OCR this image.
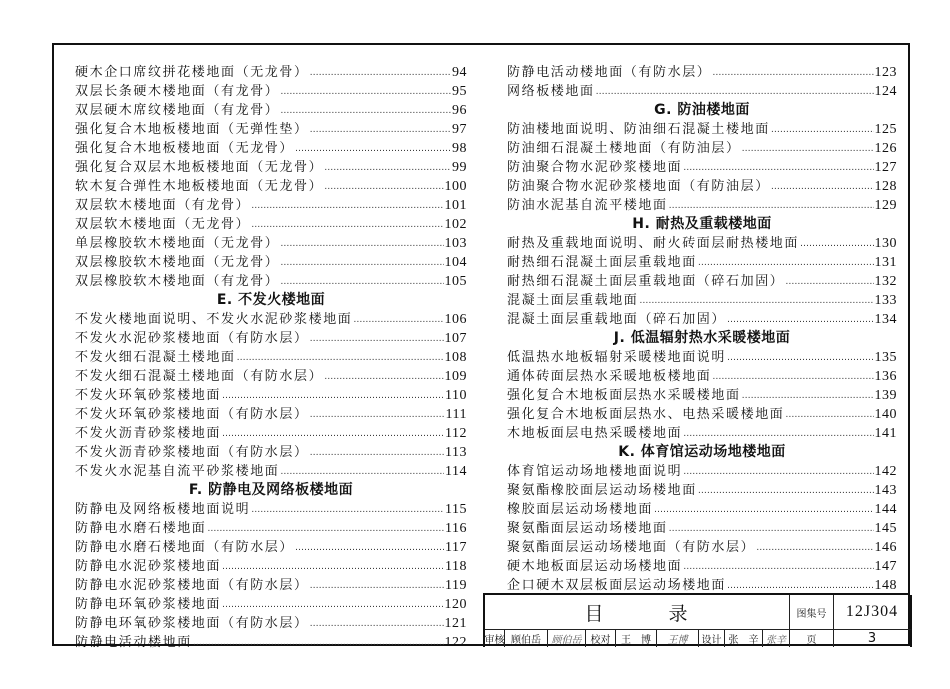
硬木企口席纹拼花楼地面（无龙骨） ……………………………………………………………………………………………………………………………………	94
双层长条硬木楼地面（有龙骨） ……………………………………………………………………………………………………………………………………	95
双层硬木席纹楼地面（有龙骨） ……………………………………………………………………………………………………………………………………	96
强化复合木地板楼地面（无弹性垫） ……………………………………………………………………………………………………………………………………	97
强化复合木地板楼地面（无龙骨） ……………………………………………………………………………………………………………………………………	98
强化复合双层木地板楼地面（无龙骨） ……………………………………………………………………………………………………………………………………	99
软木复合弹性木地板楼地面（无龙骨） ……………………………………………………………………………………………………………………………………	100
双层软木楼地面（有龙骨） ……………………………………………………………………………………………………………………………………	101
双层软木楼地面（无龙骨） ……………………………………………………………………………………………………………………………………	102
单层橡胶软木楼地面（无龙骨） ……………………………………………………………………………………………………………………………………	103
双层橡胶软木楼地面（无龙骨） ……………………………………………………………………………………………………………………………………	104
双层橡胶软木楼地面（有龙骨） ……………………………………………………………………………………………………………………………………	105
E. 不发火楼地面
不发火楼地面说明、不发火水泥砂浆楼地面 ……………………………………………………………………………………………………………………………………	106
不发火水泥砂浆楼地面（有防水层） ……………………………………………………………………………………………………………………………………	107
不发火细石混凝土楼地面 ……………………………………………………………………………………………………………………………………	108
不发火细石混凝土楼地面（有防水层） ……………………………………………………………………………………………………………………………………	109
不发火环氧砂浆楼地面 ……………………………………………………………………………………………………………………………………	110
不发火环氧砂浆楼地面（有防水层） ……………………………………………………………………………………………………………………………………	111
不发火沥青砂浆楼地面 ……………………………………………………………………………………………………………………………………	112
不发火沥青砂浆楼地面（有防水层） ……………………………………………………………………………………………………………………………………	113
不发火水泥基自流平砂浆楼地面 ……………………………………………………………………………………………………………………………………	114
F. 防静电及网络板楼地面
防静电及网络板楼地面说明 ……………………………………………………………………………………………………………………………………	115
防静电水磨石楼地面 ……………………………………………………………………………………………………………………………………	116
防静电水磨石楼地面（有防水层） ……………………………………………………………………………………………………………………………………	117
防静电水泥砂浆楼地面 ……………………………………………………………………………………………………………………………………	118
防静电水泥砂浆楼地面（有防水层） ……………………………………………………………………………………………………………………………………	119
防静电环氧砂浆楼地面 ……………………………………………………………………………………………………………………………………	120
防静电环氧砂浆楼地面（有防水层） ……………………………………………………………………………………………………………………………………	121
防静电活动楼地面 ……………………………………………………………………………………………………………………………………	122
防静电活动楼地面（有防水层） ……………………………………………………………………………………………………………………………………	123
网络板楼地面 ……………………………………………………………………………………………………………………………………	124
G. 防油楼地面
防油楼地面说明、防油细石混凝土楼地面 ……………………………………………………………………………………………………………………………………	125
防油细石混凝土楼地面（有防油层） ……………………………………………………………………………………………………………………………………	126
防油聚合物水泥砂浆楼地面 ……………………………………………………………………………………………………………………………………	127
防油聚合物水泥砂浆楼地面（有防油层） ……………………………………………………………………………………………………………………………………	128
防油水泥基自流平楼地面 ……………………………………………………………………………………………………………………………………	129
H. 耐热及重载楼地面
耐热及重载地面说明、耐火砖面层耐热楼地面 ……………………………………………………………………………………………………………………………………	130
耐热细石混凝土面层重载地面 ……………………………………………………………………………………………………………………………………	131
耐热细石混凝土面层重载地面（碎石加固） ……………………………………………………………………………………………………………………………………	132
混凝土面层重载地面 ……………………………………………………………………………………………………………………………………	133
混凝土面层重载地面（碎石加固） ……………………………………………………………………………………………………………………………………	134
J. 低温辐射热水采暖楼地面
低温热水地板辐射采暖楼地面说明 ……………………………………………………………………………………………………………………………………	135
通体砖面层热水采暖地板楼地面 ……………………………………………………………………………………………………………………………………	136
强化复合木地板面层热水采暖楼地面 ……………………………………………………………………………………………………………………………………	139
强化复合木地板面层热水、电热采暖楼地面 ……………………………………………………………………………………………………………………………………	140
木地板面层电热采暖楼地面 ……………………………………………………………………………………………………………………………………	141
K. 体育馆运动场地楼地面
体育馆运动场地楼地面说明 ……………………………………………………………………………………………………………………………………	142
聚氨酯橡胶面层运动场楼地面 ……………………………………………………………………………………………………………………………………	143
橡胶面层运动场楼地面 ……………………………………………………………………………………………………………………………………	144
聚氨酯面层运动场楼地面 ……………………………………………………………………………………………………………………………………	145
聚氨酯面层运动场楼地面（有防水层） ……………………………………………………………………………………………………………………………………	146
硬木地板面层运动场楼地面 ……………………………………………………………………………………………………………………………………	147
企口硬木双层板面层运动场楼地面 ……………………………………………………………………………………………………………………………………	148
目　　　录	图集号	12J304
审核 顾伯岳	顾伯岳 校对	王　博	王博	设计 张　辛 张辛	页	3
